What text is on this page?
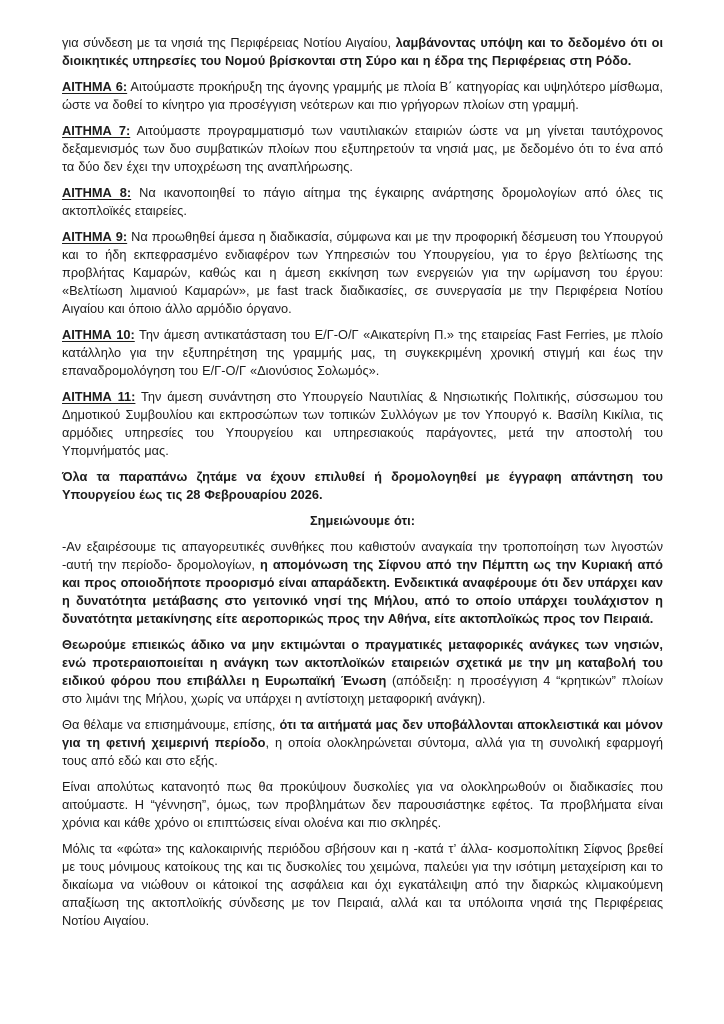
για σύνδεση με τα νησιά της Περιφέρειας Νοτίου Αιγαίου, λαμβάνοντας υπόψη και το δεδομένο ότι οι διοικητικές υπηρεσίες του Νομού βρίσκονται στη Σύρο και η έδρα της Περιφέρειας στη Ρόδο.

ΑΙΤΗΜΑ 6: Αιτούμαστε προκήρυξη της άγονης γραμμής με πλοία Β΄ κατηγορίας και υψηλότερο μίσθωμα, ώστε να δοθεί το κίνητρο για προσέγγιση νεότερων και πιο γρήγορων πλοίων στη γραμμή.

ΑΙΤΗΜΑ 7: Αιτούμαστε προγραμματισμό των ναυτιλιακών εταιριών ώστε να μη γίνεται ταυτόχρονος δεξαμενισμός των δυο συμβατικών πλοίων που εξυπηρετούν τα νησιά μας, με δεδομένο ότι το ένα από τα δύο δεν έχει την υποχρέωση της αναπλήρωσης.

ΑΙΤΗΜΑ 8: Να ικανοποιηθεί το πάγιο αίτημα της έγκαιρης ανάρτησης δρομολογίων από όλες τις ακτοπλοϊκές εταιρείες.

ΑΙΤΗΜΑ 9: Να προωθηθεί άμεσα η διαδικασία, σύμφωνα και με την προφορική δέσμευση του Υπουργού και το ήδη εκπεφρασμένο ενδιαφέρον των Υπηρεσιών του Υπουργείου, για το έργο βελτίωσης της προβλήτας Καμαρών, καθώς και η άμεση εκκίνηση των ενεργειών για την ωρίμανση του έργου: «Βελτίωση λιμανιού Καμαρών», με fast track διαδικασίες, σε συνεργασία με την Περιφέρεια Νοτίου Αιγαίου και όποιο άλλο αρμόδιο όργανο.

ΑΙΤΗΜΑ 10: Την άμεση αντικατάσταση του Ε/Γ-Ο/Γ «Αικατερίνη Π.» της εταιρείας Fast Ferries, με πλοίο κατάλληλο για την εξυπηρέτηση της γραμμής μας, τη συγκεκριμένη χρονική στιγμή και έως την επαναδρομολόγηση του Ε/Γ-Ο/Γ «Διονύσιος Σολωμός».

ΑΙΤΗΜΑ 11: Την άμεση συνάντηση στο Υπουργείο Ναυτιλίας & Νησιωτικής Πολιτικής, σύσσωμου του Δημοτικού Συμβουλίου και εκπροσώπων των τοπικών Συλλόγων με τον Υπουργό κ. Βασίλη Κικίλια, τις αρμόδιες υπηρεσίες του Υπουργείου και υπηρεσιακούς παράγοντες, μετά την αποστολή του Υπομνήματός μας.

Όλα τα παραπάνω ζητάμε να έχουν επιλυθεί ή δρομολογηθεί με έγγραφη απάντηση του Υπουργείου έως τις 28 Φεβρουαρίου 2026.

Σημειώνουμε ότι:

-Αν εξαιρέσουμε τις απαγορευτικές συνθήκες που καθιστούν αναγκαία την τροποποίηση των λιγοστών -αυτή την περίοδο- δρομολογίων, η απομόνωση της Σίφνου από την Πέμπτη ως την Κυριακή από και προς οποιοδήποτε προορισμό είναι απαράδεκτη. Ενδεικτικά αναφέρουμε ότι δεν υπάρχει καν η δυνατότητα μετάβασης στο γειτονικό νησί της Μήλου, από το οποίο υπάρχει τουλάχιστον η δυνατότητα μετακίνησης είτε αεροπορικώς προς την Αθήνα, είτε ακτοπλοϊκώς προς τον Πειραιά.

Θεωρούμε επιεικώς άδικο να μην εκτιμώνται ο πραγματικές μεταφορικές ανάγκες των νησιών, ενώ προτεραιοποιείται η ανάγκη των ακτοπλοϊκών εταιρειών σχετικά με την μη καταβολή του ειδικού φόρου που επιβάλλει η Ευρωπαϊκή Ένωση (απόδειξη: η προσέγγιση 4 “κρητικών” πλοίων στο λιμάνι της Μήλου, χωρίς να υπάρχει η αντίστοιχη μεταφορική ανάγκη).

Θα θέλαμε να επισημάνουμε, επίσης, ότι τα αιτήματά μας δεν υποβάλλονται αποκλειστικά και μόνον για τη φετινή χειμερινή περίοδο, η οποία ολοκληρώνεται σύντομα, αλλά για τη συνολική εφαρμογή τους από εδώ και στο εξής.

Είναι απολύτως κατανοητό πως θα προκύψουν δυσκολίες για να ολοκληρωθούν οι διαδικασίες που αιτούμαστε. Η “γέννηση”, όμως, των προβλημάτων δεν παρουσιάστηκε εφέτος. Τα προβλήματα είναι χρόνια και κάθε χρόνο οι επιπτώσεις είναι ολοένα και πιο σκληρές.

Μόλις τα «φώτα» της καλοκαιρινής περιόδου σβήσουν και η -κατά τ’ άλλα- κοσμοπολίτικη Σίφνος βρεθεί με τους μόνιμους κατοίκους της και τις δυσκολίες του χειμώνα, παλεύει για την ισότιμη μεταχείριση και το δικαίωμα να νιώθουν οι κάτοικοί της ασφάλεια και όχι εγκατάλειψη από την διαρκώς κλιμακούμενη απαξίωση της ακτοπλοϊκής σύνδεσης με τον Πειραιά, αλλά και τα υπόλοιπα νησιά της Περιφέρειας Νοτίου Αιγαίου.
